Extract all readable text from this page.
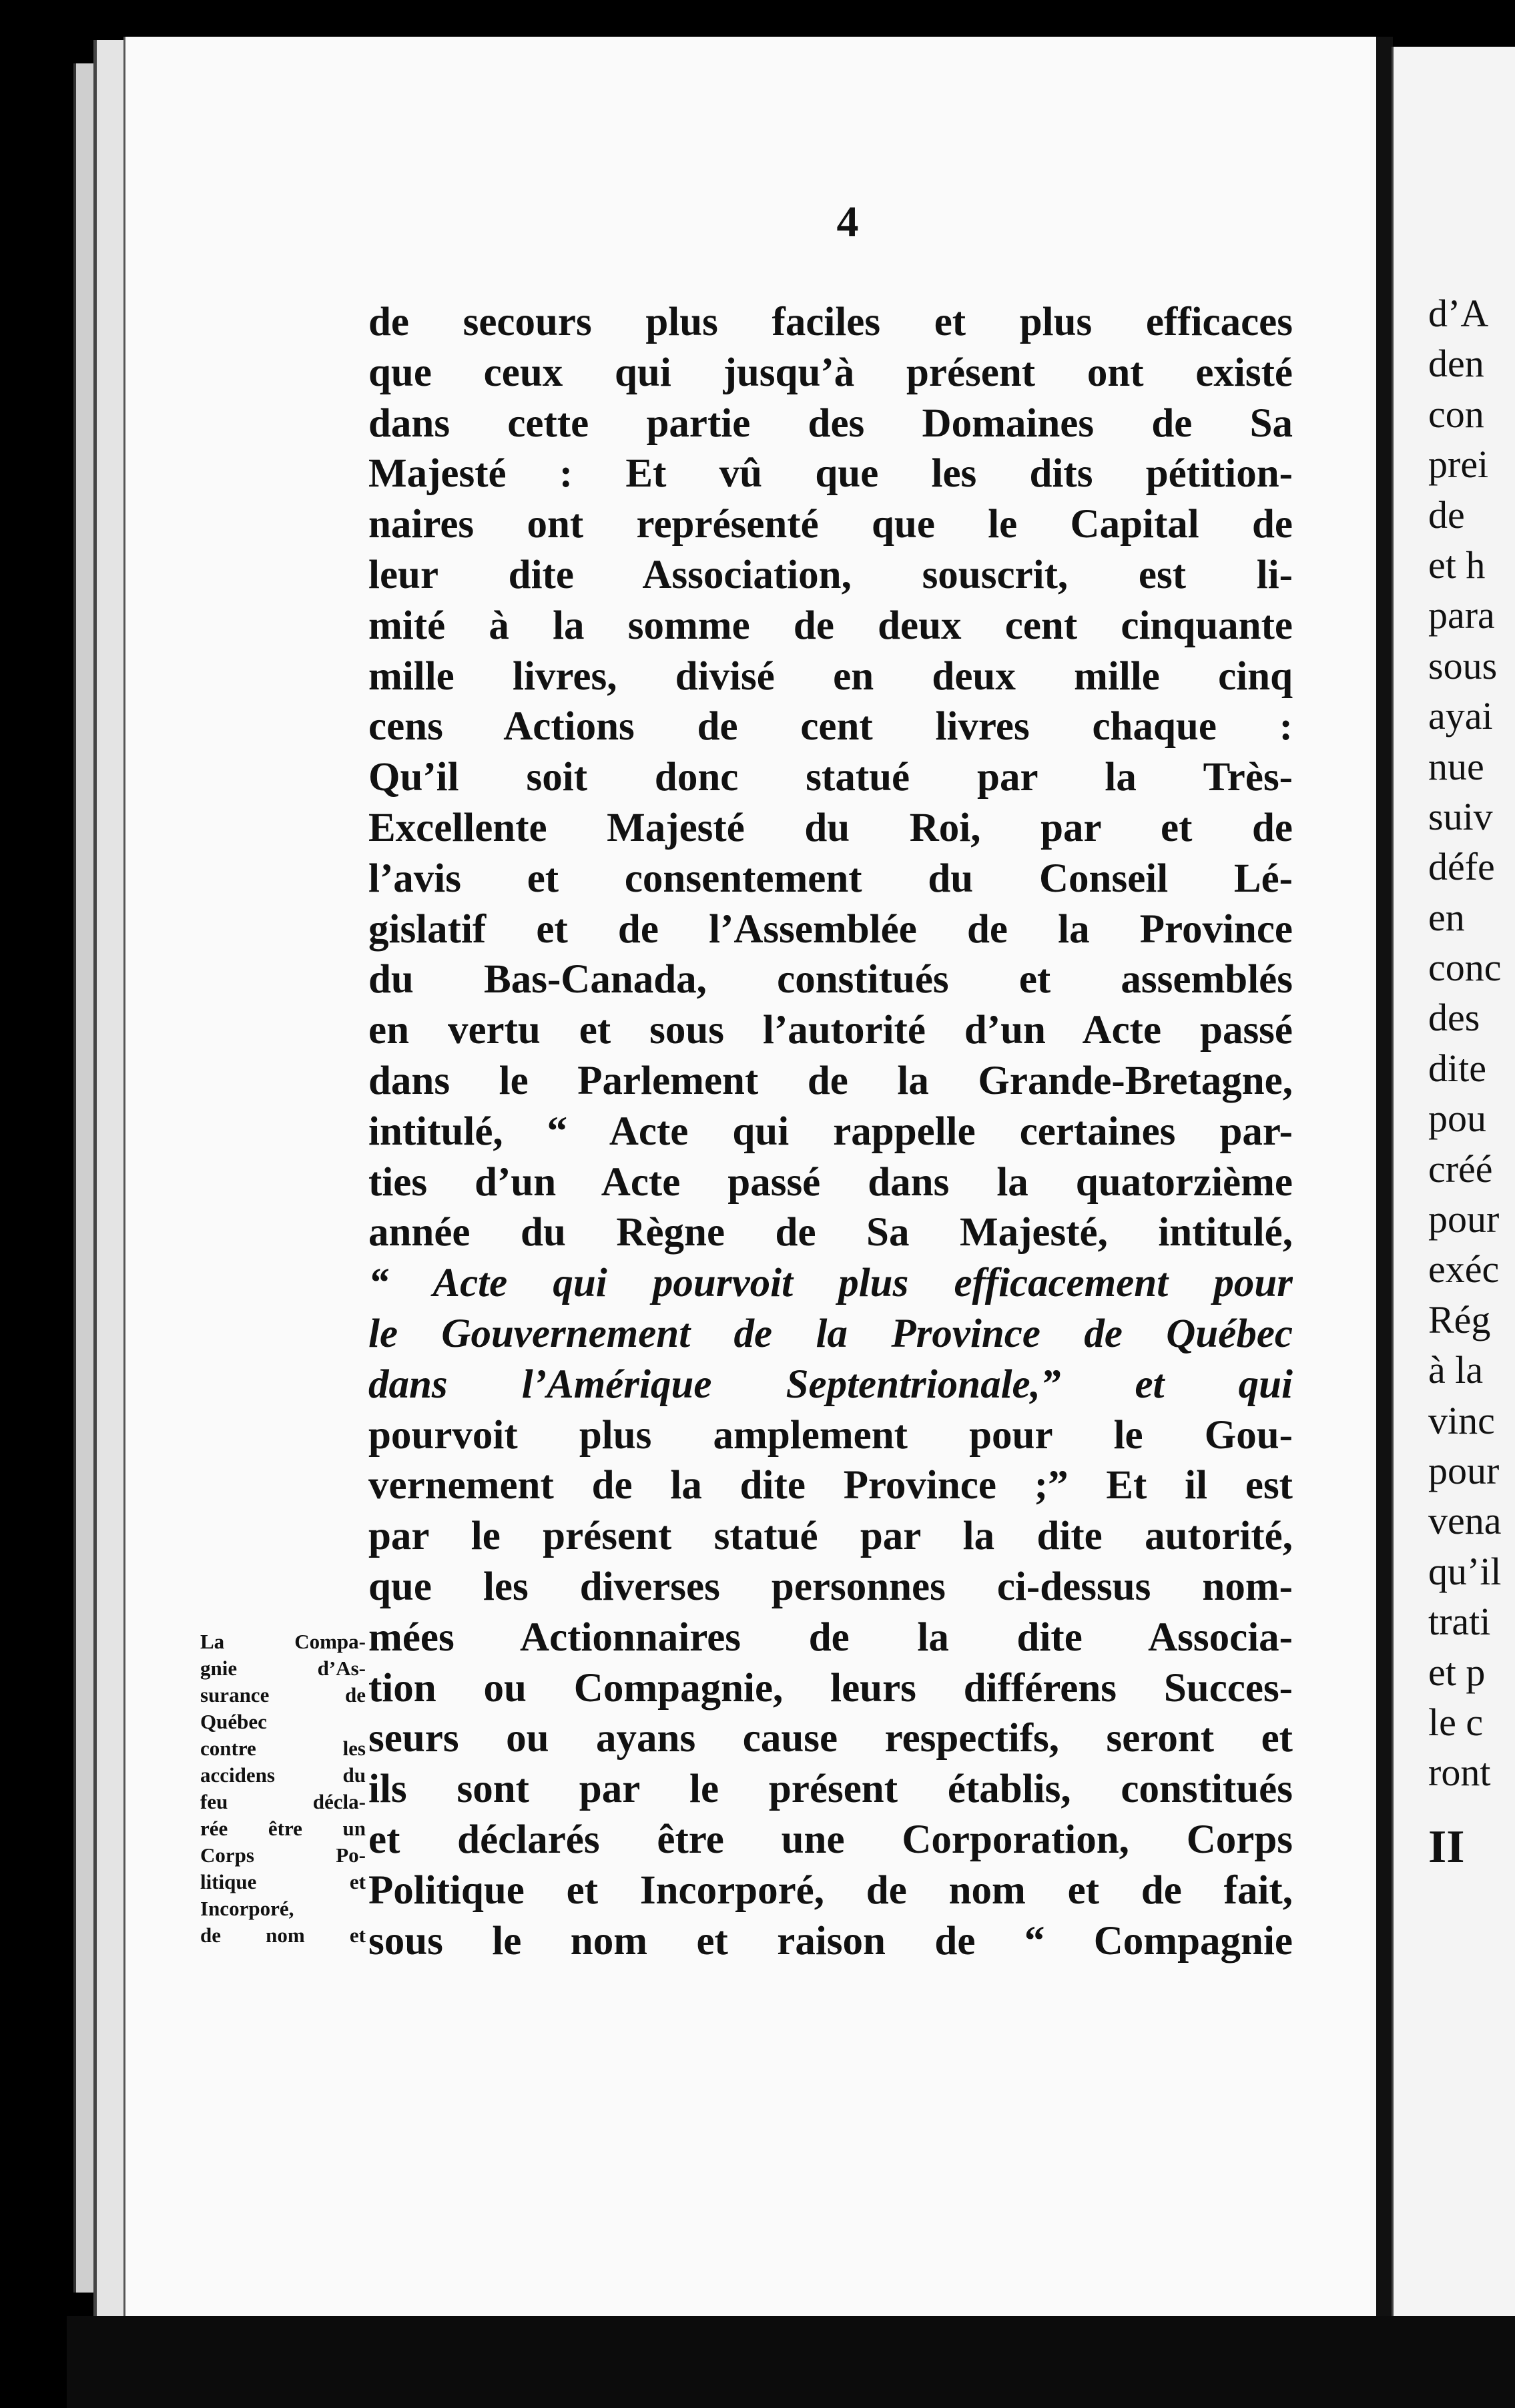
4
de secours plus faciles et plus efficaces
que ceux qui jusqu’à présent ont existé
dans cette partie des Domaines de Sa
Majesté : Et vû que les dits pétition-
naires ont représenté que le Capital de
leur dite Association, souscrit, est li-
mité à la somme de deux cent cinquante
mille livres, divisé en deux mille cinq
cens Actions de cent livres chaque :
Qu’il soit donc statué par la Très-
Excellente Majesté du Roi, par et de
l’avis et consentement du Conseil Lé-
gislatif et de l’Assemblée de la Province
du Bas-Canada, constitués et assemblés
en vertu et sous l’autorité d’un Acte passé
dans le Parlement de la Grande-Bretagne,
intitulé, “ Acte qui rappelle certaines par-
ties d’un Acte passé dans la quatorzième
année du Règne de Sa Majesté, intitulé,
“ Acte qui pourvoit plus efficacement pour
le Gouvernement de la Province de Québec
dans l’Amérique Septentrionale,” et qui
pourvoit plus amplement pour le Gou-
vernement de la dite Province ;” Et il est
par le présent statué par la dite autorité,
que les diverses personnes ci-dessus nom-
mées Actionnaires de la dite Associa-
tion ou Compagnie, leurs différens Succes-
seurs ou ayans cause respectifs, seront et
ils sont par le présent établis, constitués
et déclarés être une Corporation, Corps
Politique et Incorporé, de nom et de fait,
sous le nom et raison de “ Compagnie
La Compa-
gnie d’As-
surance de
Québec
contre les
accidens du
feu décla-
rée être un
Corps Po-
litique et
Incorporé,
de nom et
d’A
den
con
prei
de
et h
para
sous
ayai
nue
suiv
défe
en
conc
des
dite
pou
créé
pour
exéc
Rég
à la
vinc
pour
vena
qu’il
trati
et p
le c
ront
II
